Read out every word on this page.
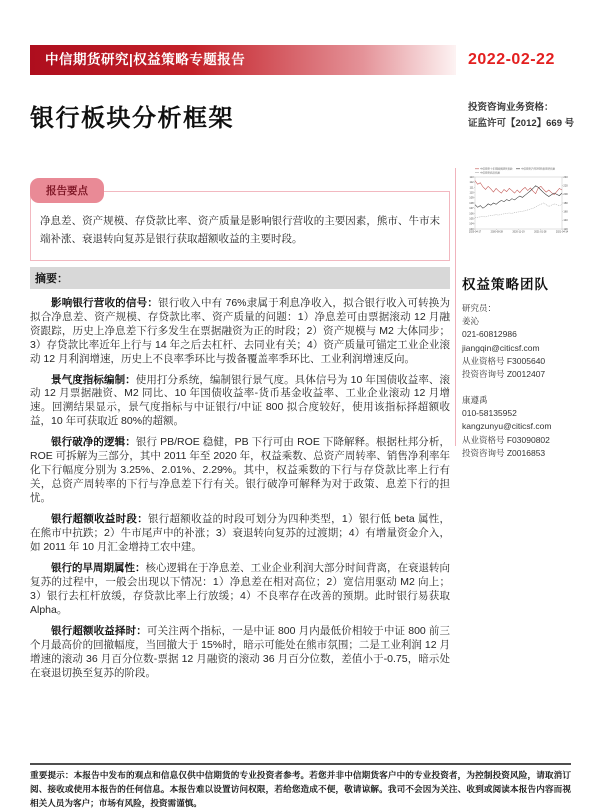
中信期货研究|权益策略专题报告	2022-02-22
银行板块分析框架	投资咨询业务资格：
证监许可【2012】669 号
报告要点
净息差、资产规模、存贷款比率、资产质量是影响银行营收的主要因素，熊市、牛市末端补涨、衰退转向复苏是银行获取超额收益的主要时段。
摘要：

影响银行营收的信号：银行收入中有 76%隶属于利息净收入，拟合银行收入可转换为拟合净息差、资产规模、存贷款比率、资产质量的问题：1）净息差可由票据滚动 12 月融资跟踪，历史上净息差下行多发生在票据融资为正的时段；2）资产规模与 M2 大体同步；3）存贷款比率近年上行与 14 年之后去杠杆、去同业有关；4）资产质量可锚定工业企业滚动 12 月利润增速，历史上不良率季环比与拨备覆盖率季环比、工业利润增速反向。

景气度指标编制：使用打分系统，编制银行景气度。具体信号为 10 年国债收益率、滚动 12 月票据融资、M2 同比、10 年国债收益率-货币基金收益率、工业企业滚动 12 月增速。回溯结果显示，景气度指标与中证银行/中证 800 拟合度较好，使用该指标择超额收益，10 年可获取近 80%的超额。

银行破净的逻辑：银行 PB/ROE 稳健，PB 下行可由 ROE 下降解释。根据杜邦分析，ROE 可拆解为三部分，其中 2011 年至 2020 年，权益乘数、总资产周转率、销售净利率年化下行幅度分别为 3.25%、2.01%、2.29%。其中，权益乘数的下行与存贷款比率上行有关，总资产周转率的下行与净息差下行有关。银行破净可解释为对于政策、息差下行的担忧。

银行超额收益时段：银行超额收益的时段可划分为四种类型，1）银行低 beta 属性，在熊市中抗跌；2）牛市尾声中的补涨；3）衰退转向复苏的过渡期；4）有增量资金介入，如 2011 年 10 月汇金增持工农中建。

银行的早周期属性：核心逻辑在于净息差、工业企业利润大部分时间背离，在衰退转向复苏的过程中，一般会出现以下情况：1）净息差在相对高位；2）宽信用驱动 M2 向上；3）银行去杠杆放缓，存贷款比率上行放缓；4）不良率存在改善的预期。此时银行易获取 Alpha。

银行超额收益择时：可关注两个指标，一是中证 800 月内最低价相较于中证 800 前三个月最高价的回撤幅度，当回撤大于 15%时，暗示可能处在熊市氛围；二是工业利润 12 月增速的滚动 36 月百分位数-票据 12 月融资的滚动 36 月百分位数，差值小于-0.75，暗示处在衰退切换至复苏的阶段。

103
104
105
106
107
108
109
110
111
112
113
120
140
160
180
200
220
240
2020-04-17	2020-08-28	2020-11-19	2021-01-28	2021-04-14
中信期货十年期国债期货指数	中信期货沪深300股指期货指数
中信期货商品指数
权益策略团队
研究员：
姜沁
021-60812986
jiangqin@citicsf.com
从业资格号 F3005640
投资咨询号 Z0012407
康遵禹
010-58135952
kangzunyu@citicsf.com
从业资格号 F03090802
投资咨询号 Z0016853
重要提示：本报告中发布的观点和信息仅供中信期货的专业投资者参考。若您并非中信期货客户中的专业投资者，为控制投资风险，请取消订阅、接收或使用本报告的任何信息。本报告难以设置访问权限，若给您造成不便，敬请谅解。我司不会因为关注、收到或阅读本报告内容而视相关人员为客户；市场有风险，投资需谨慎。
